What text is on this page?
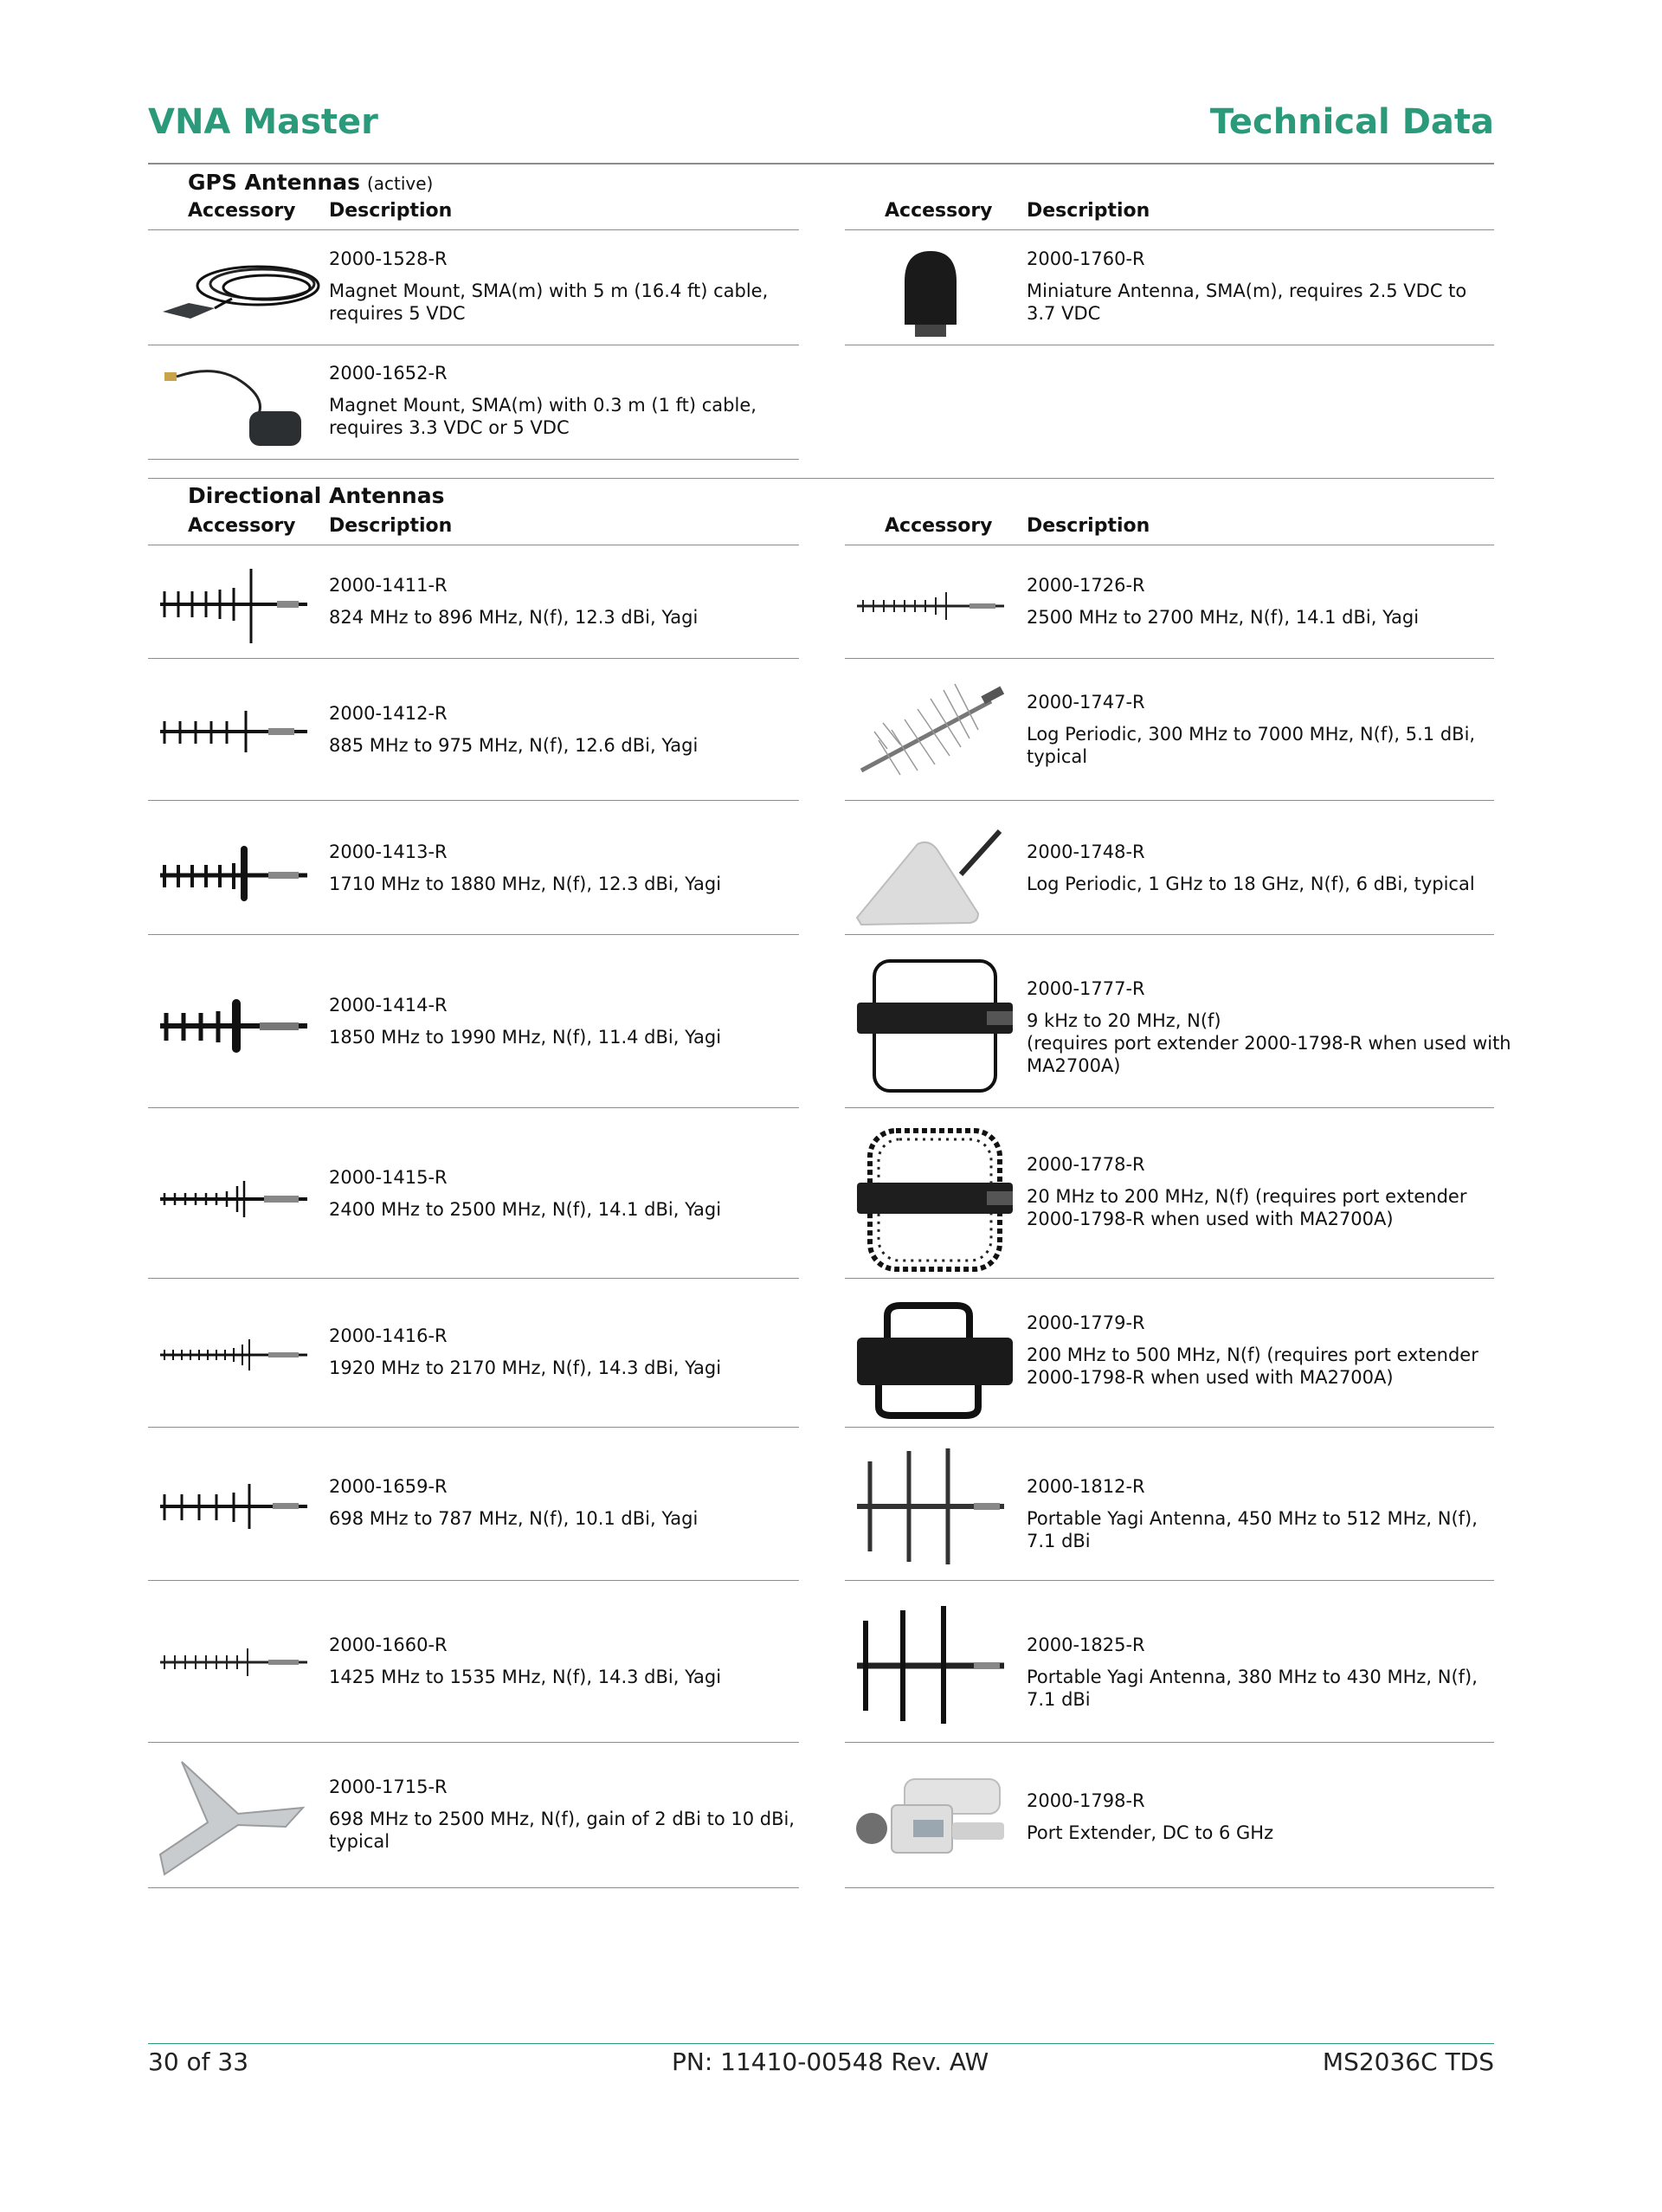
VNA Master	Technical Data
GPS Antennas (active)
Accessory Description	Accessory Description
2000-1528-R
Magnet Mount, SMA(m) with 5 m (16.4 ft) cable,
requires 5 VDC
2000-1760-R
Miniature Antenna, SMA(m), requires 2.5 VDC to
3.7 VDC
2000-1652-R
Magnet Mount, SMA(m) with 0.3 m (1 ft) cable,
requires 3.3 VDC or 5 VDC
Directional Antennas
Accessory Description	Accessory Description
2000-1411-R
824 MHz to 896 MHz, N(f), 12.3 dBi, Yagi
2000-1412-R
885 MHz to 975 MHz, N(f), 12.6 dBi, Yagi
2000-1413-R
1710 MHz to 1880 MHz, N(f), 12.3 dBi, Yagi
2000-1414-R
1850 MHz to 1990 MHz, N(f), 11.4 dBi, Yagi
2000-1415-R
2400 MHz to 2500 MHz, N(f), 14.1 dBi, Yagi
2000-1416-R
1920 MHz to 2170 MHz, N(f), 14.3 dBi, Yagi
2000-1659-R
698 MHz to 787 MHz, N(f), 10.1 dBi, Yagi
2000-1660-R
1425 MHz to 1535 MHz, N(f), 14.3 dBi, Yagi
2000-1715-R
698 MHz to 2500 MHz, N(f), gain of 2 dBi to 10 dBi,
typical
2000-1726-R
2500 MHz to 2700 MHz, N(f), 14.1 dBi, Yagi
2000-1747-R
Log Periodic, 300 MHz to 7000 MHz, N(f), 5.1 dBi,
typical
2000-1748-R
Log Periodic, 1 GHz to 18 GHz, N(f), 6 dBi, typical
2000-1777-R
9 kHz to 20 MHz, N(f)
(requires port extender 2000-1798-R when used with
MA2700A)
2000-1778-R
20 MHz to 200 MHz, N(f) (requires port extender
2000-1798-R when used with MA2700A)
2000-1779-R
200 MHz to 500 MHz, N(f) (requires port extender
2000-1798-R when used with MA2700A)
2000-1812-R
Portable Yagi Antenna, 450 MHz to 512 MHz, N(f),
7.1 dBi
2000-1825-R
Portable Yagi Antenna, 380 MHz to 430 MHz, N(f),
7.1 dBi
2000-1798-R
Port Extender, DC to 6 GHz
30 of 33	PN: 11410-00548 Rev. AW	MS2036C TDS
